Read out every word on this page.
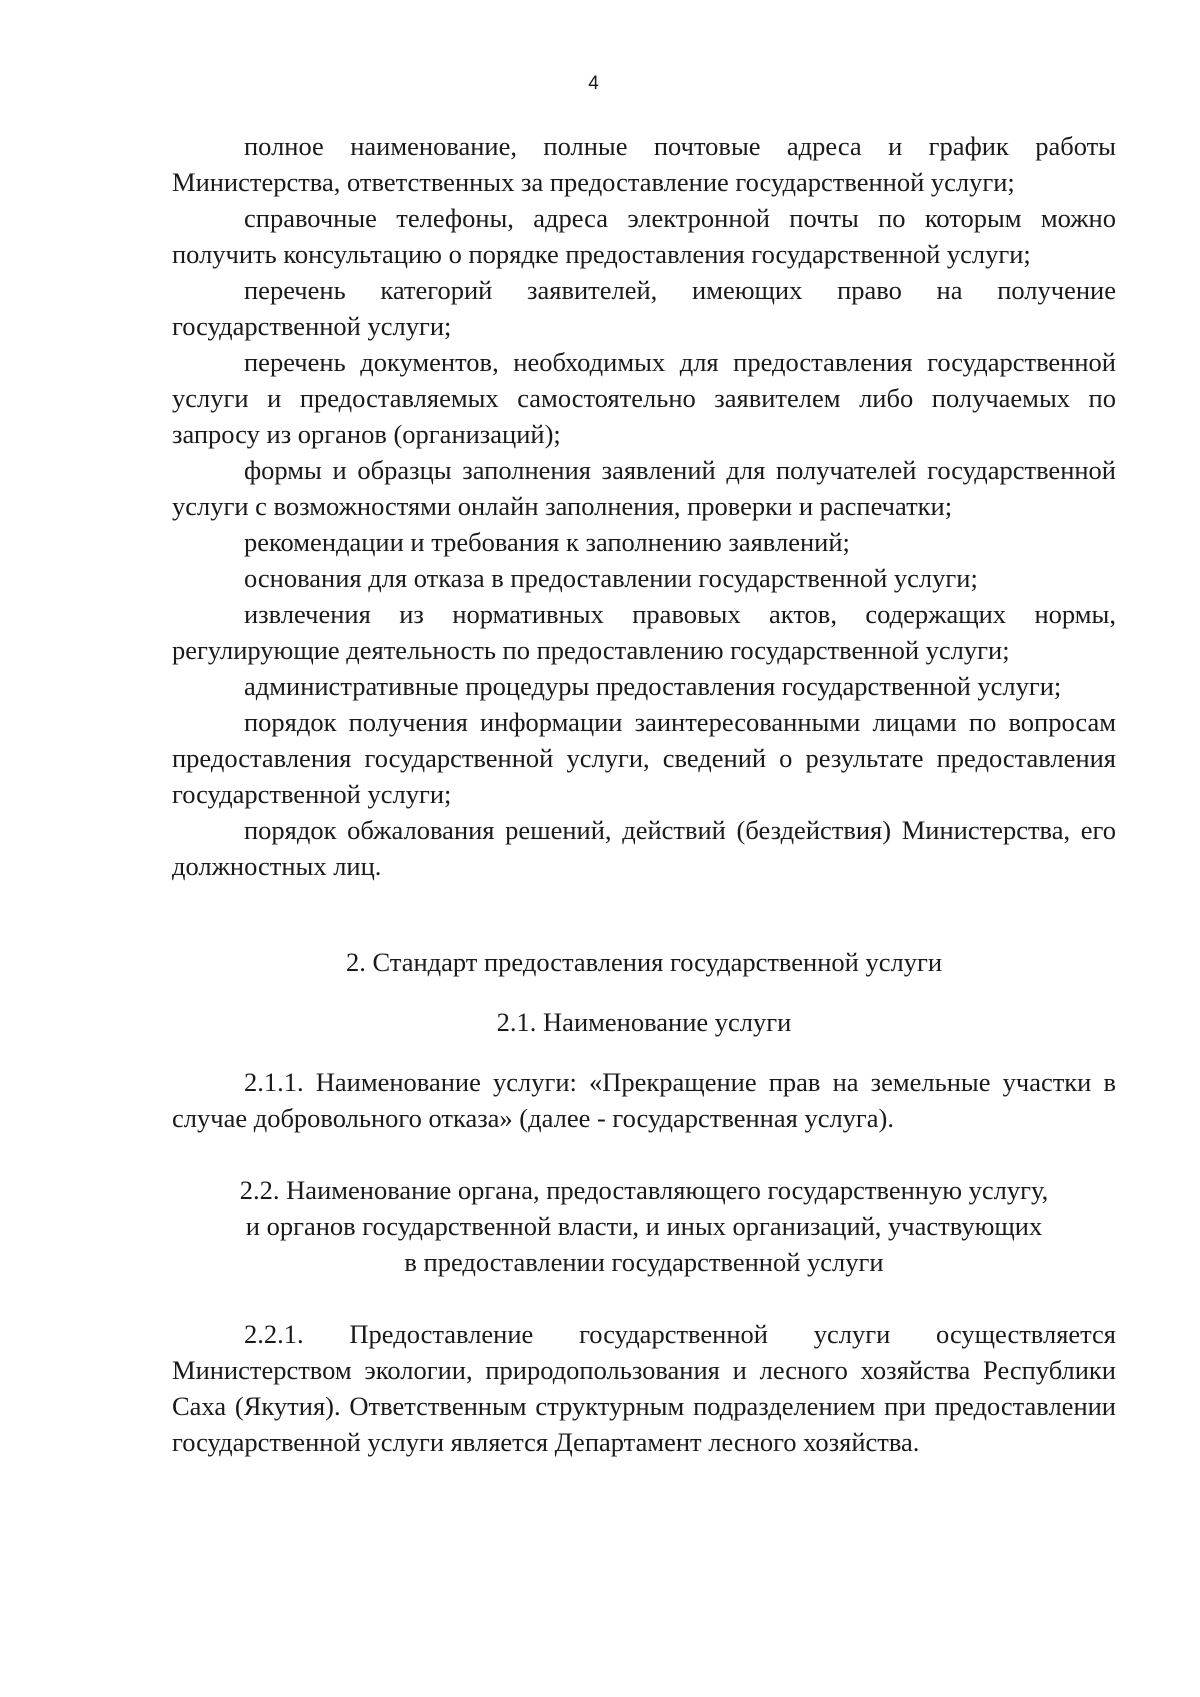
4

полное наименование, полные почтовые адреса и график работы Министерства, ответственных за предоставление государственной услуги;

справочные телефоны, адреса электронной почты по которым можно получить консультацию о порядке предоставления государственной услуги;

перечень категорий заявителей, имеющих право на получение государственной услуги;

перечень документов, необходимых для предоставления государственной услуги и предоставляемых самостоятельно заявителем либо получаемых по запросу из органов (организаций);

формы и образцы заполнения заявлений для получателей государственной услуги с возможностями онлайн заполнения, проверки и распечатки;

рекомендации и требования к заполнению заявлений;

основания для отказа в предоставлении государственной услуги;

извлечения из нормативных правовых актов, содержащих нормы, регулирующие деятельность по предоставлению государственной услуги;

административные процедуры предоставления государственной услуги;

порядок получения информации заинтересованными лицами по вопросам предоставления государственной услуги, сведений о результате предоставления государственной услуги;

порядок обжалования решений, действий (бездействия) Министерства, его должностных лиц.

2. Стандарт предоставления государственной услуги

2.1. Наименование услуги

2.1.1. Наименование услуги: «Прекращение прав на земельные участки в случае добровольного отказа» (далее - государственная услуга).

2.2. Наименование органа, предоставляющего государственную услугу,
и органов государственной власти, и иных организаций, участвующих
в предоставлении государственной услуги

2.2.1. Предоставление государственной услуги осуществляется Министерством экологии, природопользования и лесного хозяйства Республики Саха (Якутия). Ответственным структурным подразделением при предоставлении государственной услуги является Департамент лесного хозяйства.
